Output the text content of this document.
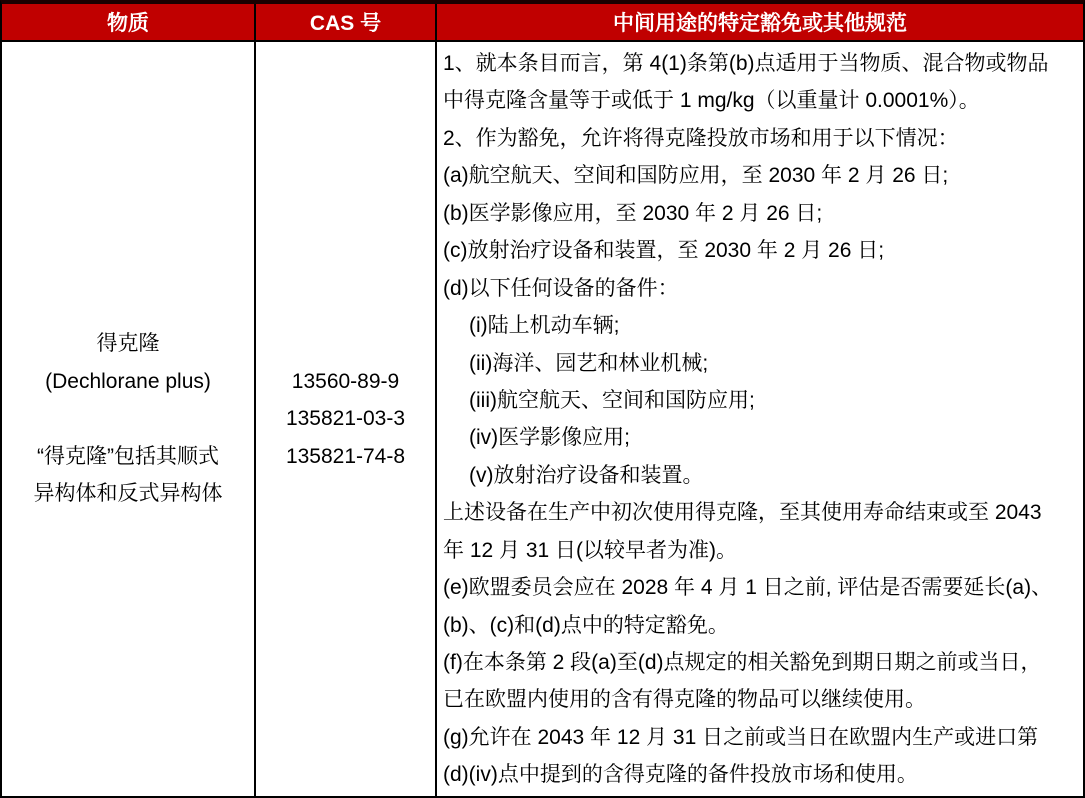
物质	CAS 号	中间用途的特定豁免或其他规范
得克隆
(Dechlorane plus)

“得克隆”包括其顺式
异构体和反式异构体
13560-89-9
135821-03-3
135821-74-8
1、就本条目而言，第 4(1)条第(b)点适用于当物质、混合物或物品
中得克隆含量等于或低于 1 mg/kg（以重量计 0.0001%）。
2、作为豁免，允许将得克隆投放市场和用于以下情况：
(a)航空航天、空间和国防应用，至 2030 年 2 月 26 日;
(b)医学影像应用，至 2030 年 2 月 26 日;
(c)放射治疗设备和装置，至 2030 年 2 月 26 日;
(d)以下任何设备的备件：
(i)陆上机动车辆;
(ii)海洋、园艺和林业机械;
(iii)航空航天、空间和国防应用;
(iv)医学影像应用;
(v)放射治疗设备和装置。
上述设备在生产中初次使用得克隆，至其使用寿命结束或至 2043
年 12 月 31 日(以较早者为准)。
(e)欧盟委员会应在 2028 年 4 月 1 日之前, 评估是否需要延长(a)、
(b)、(c)和(d)点中的特定豁免。
(f)在本条第 2 段(a)至(d)点规定的相关豁免到期日期之前或当日，
已在欧盟内使用的含有得克隆的物品可以继续使用。
(g)允许在 2043 年 12 月 31 日之前或当日在欧盟内生产或进口第
(d)(iv)点中提到的含得克隆的备件投放市场和使用。
